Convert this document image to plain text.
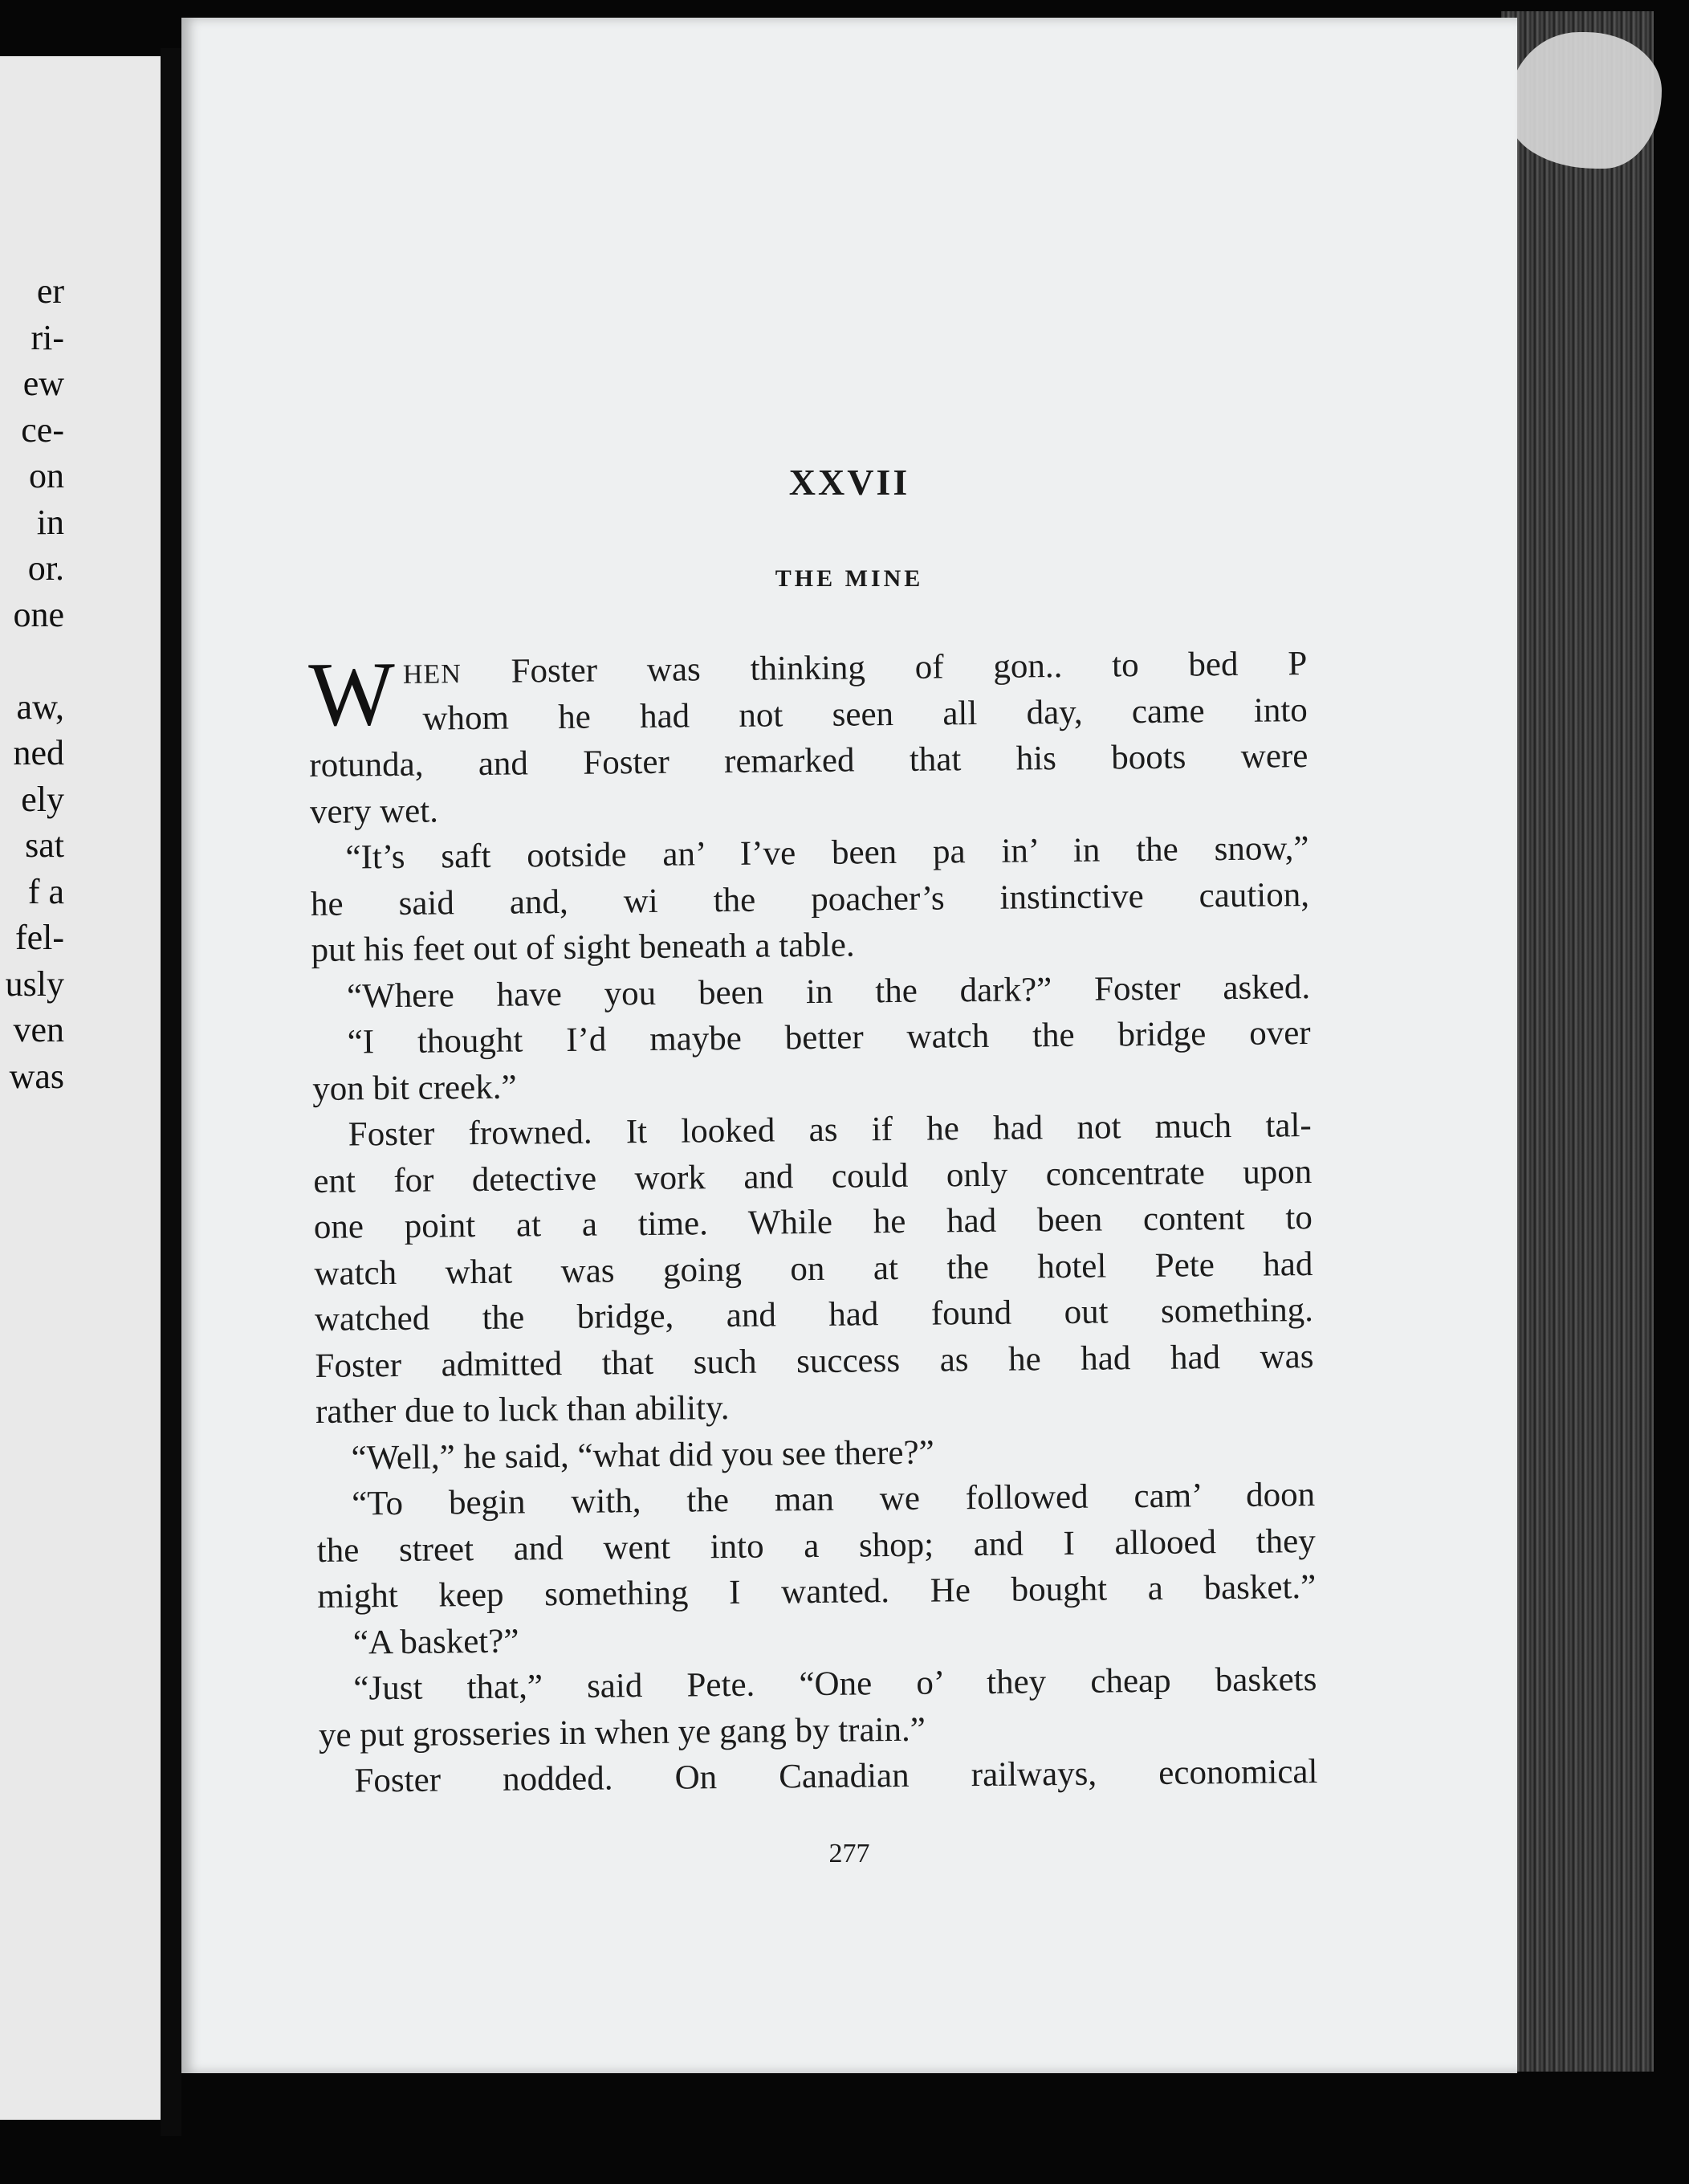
er
ri-
ew
ce-
on
in
or.
one
aw,
ned
ely
sat
f a
fel-
usly
ven
was
XXVII
THE MINE
W HEN Foster was thinking of gon.. to bed P
whom he had not seen all day, came into
rotunda, and Foster remarked that his boots were
very wet.
“It’s saft ootside an’ I’ve been pa in’ in the snow,”
he said and, wi the poacher’s instinctive caution,
put his feet out of sight beneath a table.
“Where have you been in the dark?” Foster asked.
“I thought I’d maybe better watch the bridge over
yon bit creek.”
Foster frowned. It looked as if he had not much tal-
ent for detective work and could only concentrate upon
one point at a time. While he had been content to
watch what was going on at the hotel Pete had
watched the bridge, and had found out something.
Foster admitted that such success as he had had was
rather due to luck than ability.
“Well,” he said, “what did you see there?”
“To begin with, the man we followed cam’ doon
the street and went into a shop; and I allooed they
might keep something I wanted. He bought a basket.”
“A basket?”
“Just that,” said Pete. “One o’ they cheap baskets
ye put grosseries in when ye gang by train.”
Foster nodded. On Canadian railways, economical

277
